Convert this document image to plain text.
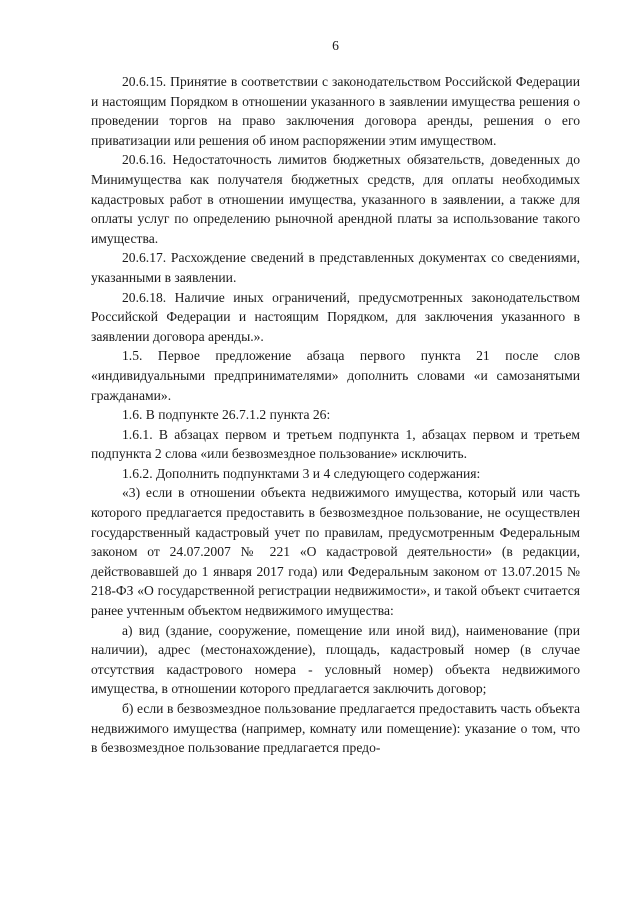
6

20.6.15. Принятие в соответствии с законодательством Российской Федерации и настоящим Порядком в отношении указанного в заявлении имущества решения о проведении торгов на право заключения договора аренды, решения о его приватизации или решения об ином распоряжении этим имуществом.

20.6.16. Недостаточность лимитов бюджетных обязательств, доведенных до Минимущества как получателя бюджетных средств, для оплаты необходимых кадастровых работ в отношении имущества, указанного в заявлении, а также для оплаты услуг по определению рыночной арендной платы за использование такого имущества.

20.6.17. Расхождение сведений в представленных документах со сведениями, указанными в заявлении.

20.6.18. Наличие иных ограничений, предусмотренных законодательством Российской Федерации и настоящим Порядком, для заключения указанного в заявлении договора аренды.».

1.5. Первое предложение абзаца первого пункта 21 после слов «индивидуальными предпринимателями» дополнить словами «и самозанятыми гражданами».

1.6. В подпункте 26.7.1.2 пункта 26:

1.6.1. В абзацах первом и третьем подпункта 1, абзацах первом и третьем подпункта 2 слова «или безвозмездное пользование» исключить.

1.6.2. Дополнить подпунктами 3 и 4 следующего содержания:

«3) если в отношении объекта недвижимого имущества, который или часть которого предлагается предоставить в безвозмездное пользование, не осуществлен государственный кадастровый учет по правилам, предусмотренным Федеральным законом от 24.07.2007 № 221 «О кадастровой деятельности» (в редакции, действовавшей до 1 января 2017 года) или Федеральным законом от 13.07.2015 № 218-ФЗ «О государственной регистрации недвижимости», и такой объект считается ранее учтенным объектом недвижимого имущества:

а) вид (здание, сооружение, помещение или иной вид), наименование (при наличии), адрес (местонахождение), площадь, кадастровый номер (в случае отсутствия кадастрового номера - условный номер) объекта недвижимого имущества, в отношении которого предлагается заключить договор;

б) если в безвозмездное пользование предлагается предоставить часть объекта недвижимого имущества (например, комнату или помещение): указание о том, что в безвозмездное пользование предлагается предо-
